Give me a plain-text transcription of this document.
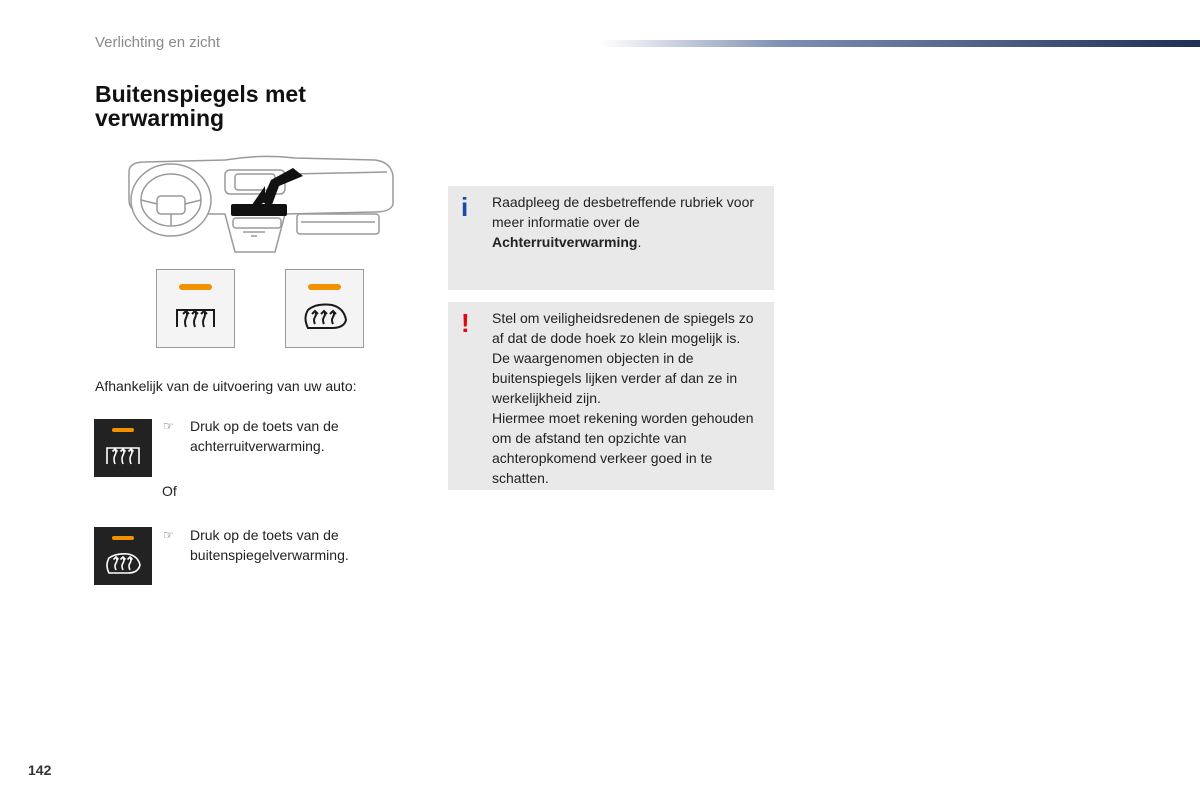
Verlichting en zicht
Buitenspiegels met
verwarming
Afhankelijk van de uitvoering van uw auto:
☞ Druk op de toets van de achterruitverwarming.
Of
☞ Druk op de toets van de buitenspiegelverwarming.
i Raadpleeg de desbetreffende rubriek voor meer informatie over de Achterruitverwarming.
! Stel om veiligheidsredenen de spiegels zo af dat de dode hoek zo klein mogelijk is.
De waargenomen objecten in de buitenspiegels lijken verder af dan ze in werkelijkheid zijn.
Hiermee moet rekening worden gehouden om de afstand ten opzichte van achteropkomend verkeer goed in te schatten.
142
